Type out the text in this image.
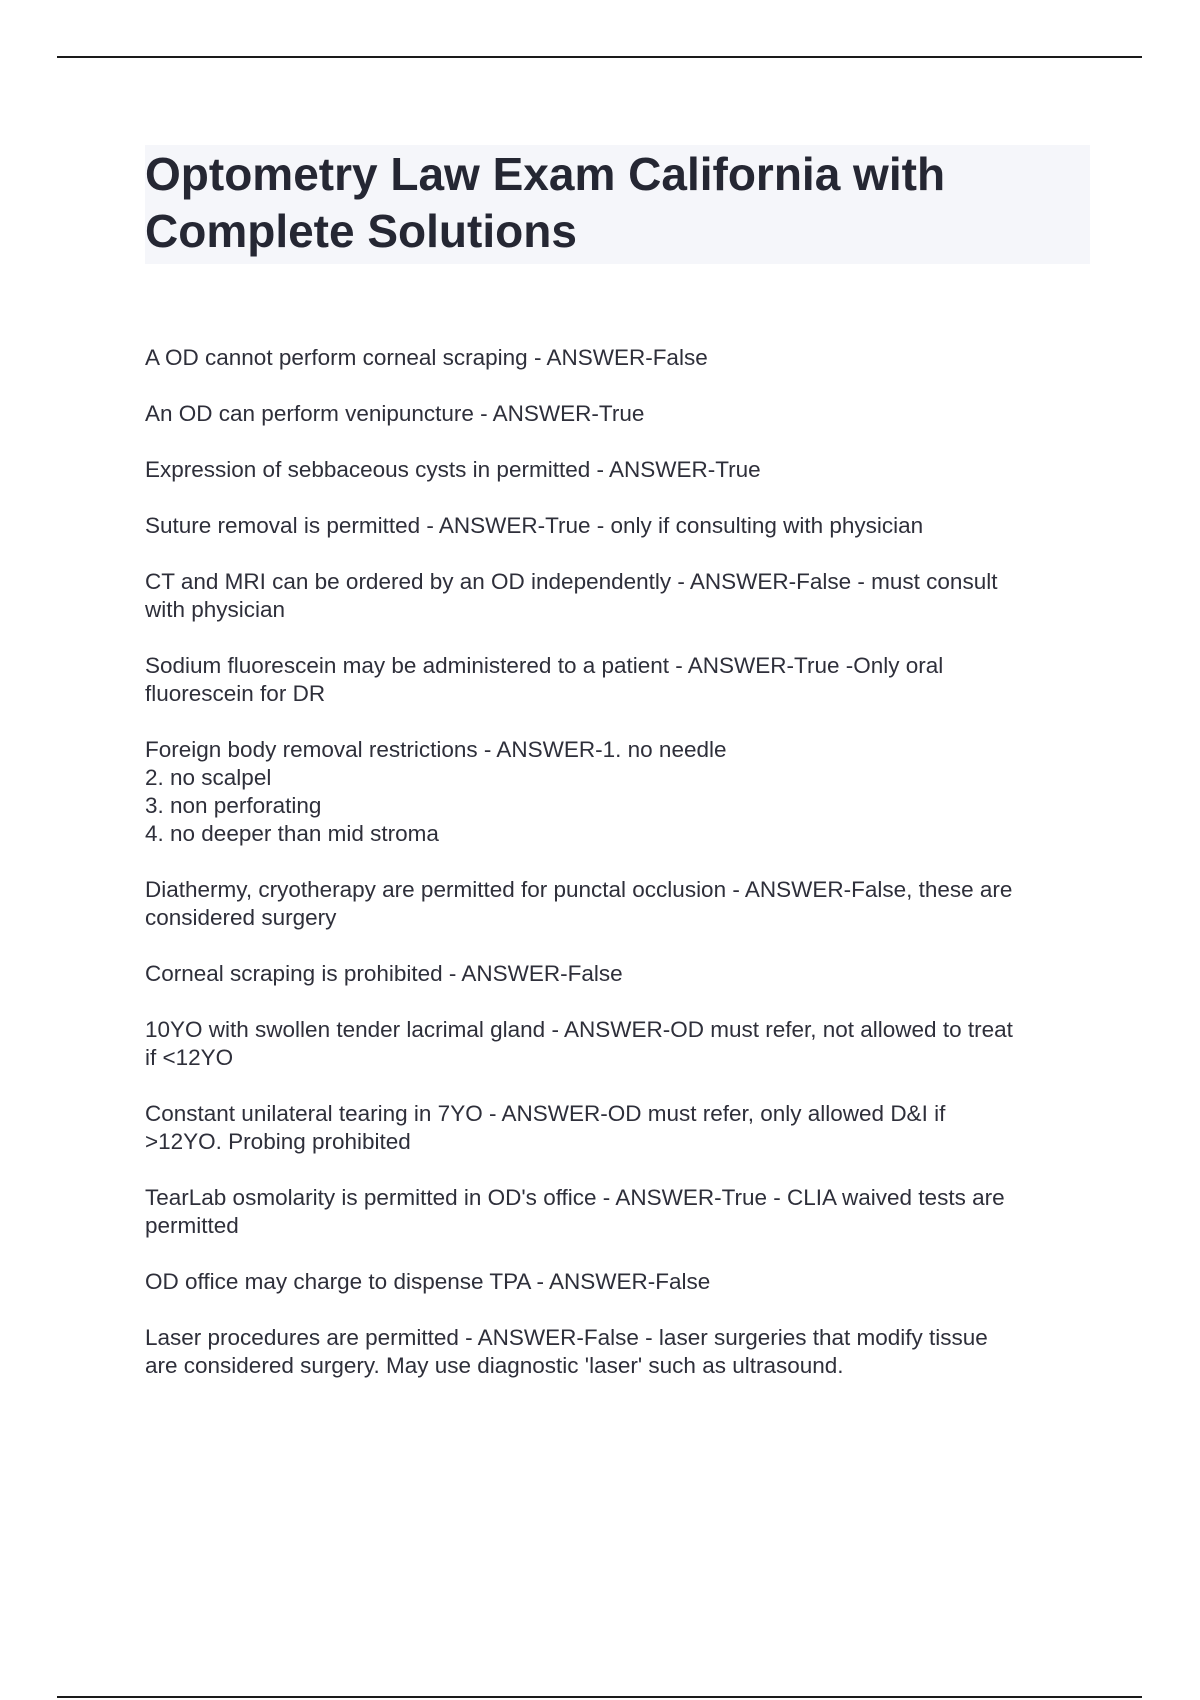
Optometry Law Exam California with Complete Solutions

A OD cannot perform corneal scraping - ANSWER-False

An OD can perform venipuncture - ANSWER-True

Expression of sebbaceous cysts in permitted - ANSWER-True

Suture removal is permitted - ANSWER-True - only if consulting with physician

CT and MRI can be ordered by an OD independently - ANSWER-False - must consult
with physician

Sodium fluorescein may be administered to a patient - ANSWER-True -Only oral
fluorescein for DR

Foreign body removal restrictions - ANSWER-1. no needle
2. no scalpel
3. non perforating
4. no deeper than mid stroma

Diathermy, cryotherapy are permitted for punctal occlusion - ANSWER-False, these are
considered surgery

Corneal scraping is prohibited - ANSWER-False

10YO with swollen tender lacrimal gland - ANSWER-OD must refer, not allowed to treat
if <12YO

Constant unilateral tearing in 7YO - ANSWER-OD must refer, only allowed D&I if
>12YO. Probing prohibited

TearLab osmolarity is permitted in OD's office - ANSWER-True - CLIA waived tests are
permitted

OD office may charge to dispense TPA - ANSWER-False

Laser procedures are permitted - ANSWER-False - laser surgeries that modify tissue
are considered surgery. May use diagnostic 'laser' such as ultrasound.
